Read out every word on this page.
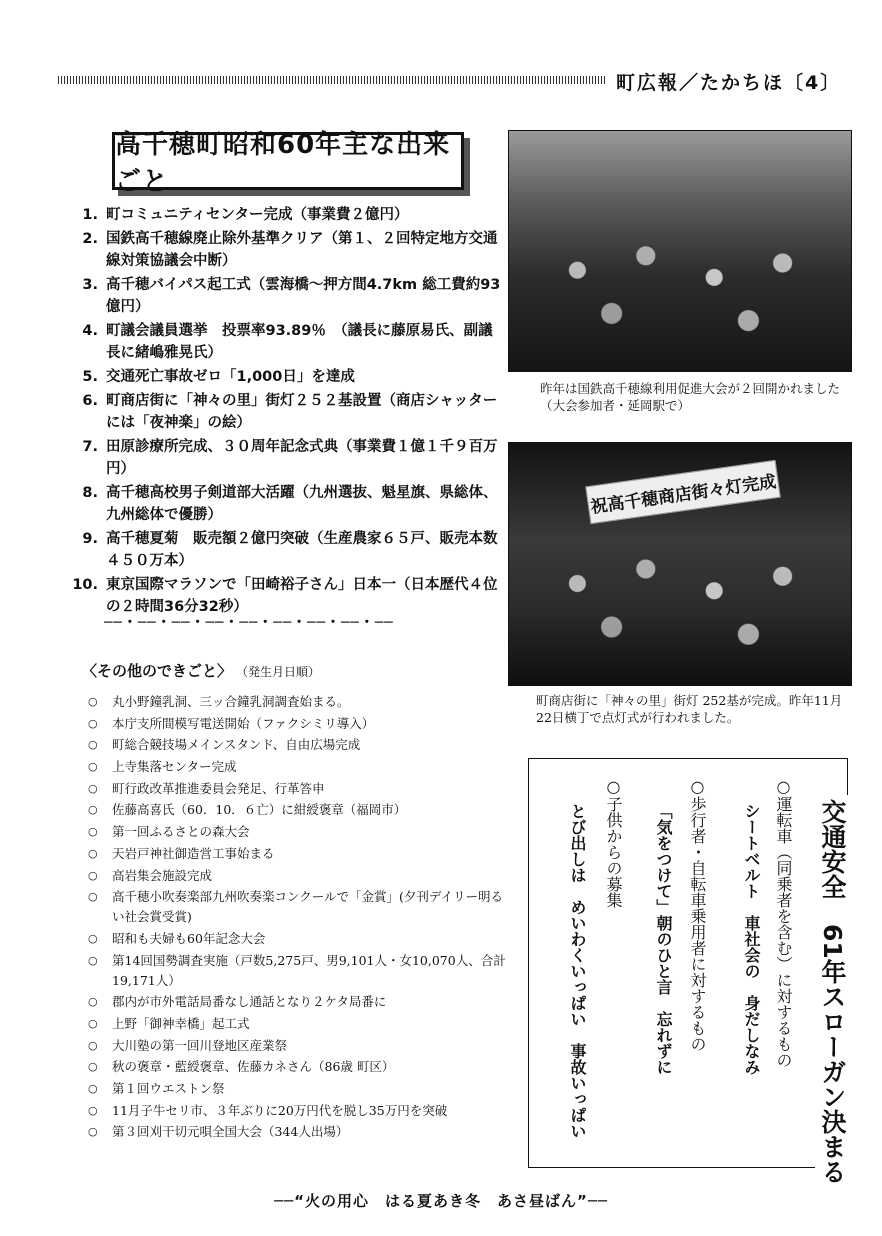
町広報／たかちほ〔4〕
高千穂町昭和60年主な出来ごと
1. 町コミュニティセンター完成（事業費２億円）
2. 国鉄高千穂線廃止除外基準クリア（第１、２回特定地方交通線対策協議会中断）
3. 高千穂バイパス起工式（雲海橋〜押方間4.7km 総工費約93億円）
4. 町議会議員選挙　投票率93.89％　（議長に藤原易氏、副議長に緒嶋雅晃氏）
5. 交通死亡事故ゼロ「1,000日」を達成
6. 町商店街に「神々の里」街灯２５２基設置（商店シャッターには「夜神楽」の絵）
7. 田原診療所完成、３０周年記念式典（事業費１億１千９百万円）
8. 高千穂高校男子剣道部大活躍（九州選抜、魁星旗、県総体、九州総体で優勝）
9. 高千穂夏菊　販売額２億円突破（生産農家６５戸、販売本数４５０万本）
10. 東京国際マラソンで「田崎裕子さん」日本一（日本歴代４位の２時間36分32秒）
──・──・──・──・──・──・──・──・──
〈その他のできごと〉 （発生月日順）
○	丸小野鐘乳洞、三ッ合鐘乳洞調査始まる。
○	本庁支所間模写電送開始（ファクシミリ導入）
○	町総合競技場メインスタンド、自由広場完成
○	上寺集落センター完成
○	町行政改革推進委員会発足、行革答申
○	佐藤高喜氏（60．10．６亡）に紺綬褒章（福岡市）
○	第一回ふるさとの森大会
○	天岩戸神社御造営工事始まる
○	高岩集会施設完成
○	高千穂小吹奏楽部九州吹奏楽コンクールで「金賞」(夕刊デイリー明るい社会賞受賞)
○	昭和も夫婦も60年記念大会
○	第14回国勢調査実施（戸数5,275戸、男9,101人・女10,070人、合計19,171人）
○	郡内が市外電話局番なし通話となり２ケタ局番に
○	上野「御神幸橋」起工式
○	大川塾の第一回川登地区産業祭
○	秋の褒章・藍綬褒章、佐藤カネさん（86歳 町区）
○	第１回ウエストン祭
○	11月子牛セリ市、３年ぶりに20万円代を脱し35万円を突破
○	第３回刈干切元唄全国大会（344人出場）
昨年は国鉄高千穂線利用促進大会が２回開かれました（大会参加者・延岡駅で）
祝高千穂商店街々灯完成
町商店街に「神々の里」街灯 252基が完成。昨年11月22日横丁で点灯式が行われました。
交通安全　61年スローガン決まる
○運転車（同乗者を含む）に対するもの
シートベルト　車社会の　身だしなみ
○歩行者・自転車乗用者に対するもの
「気をつけて」朝のひと言　忘れずに
○子供からの募集
とび出しは　めいわくいっぱい　事故いっぱい
──“火の用心　はる夏あき冬　あさ昼ばん”──
